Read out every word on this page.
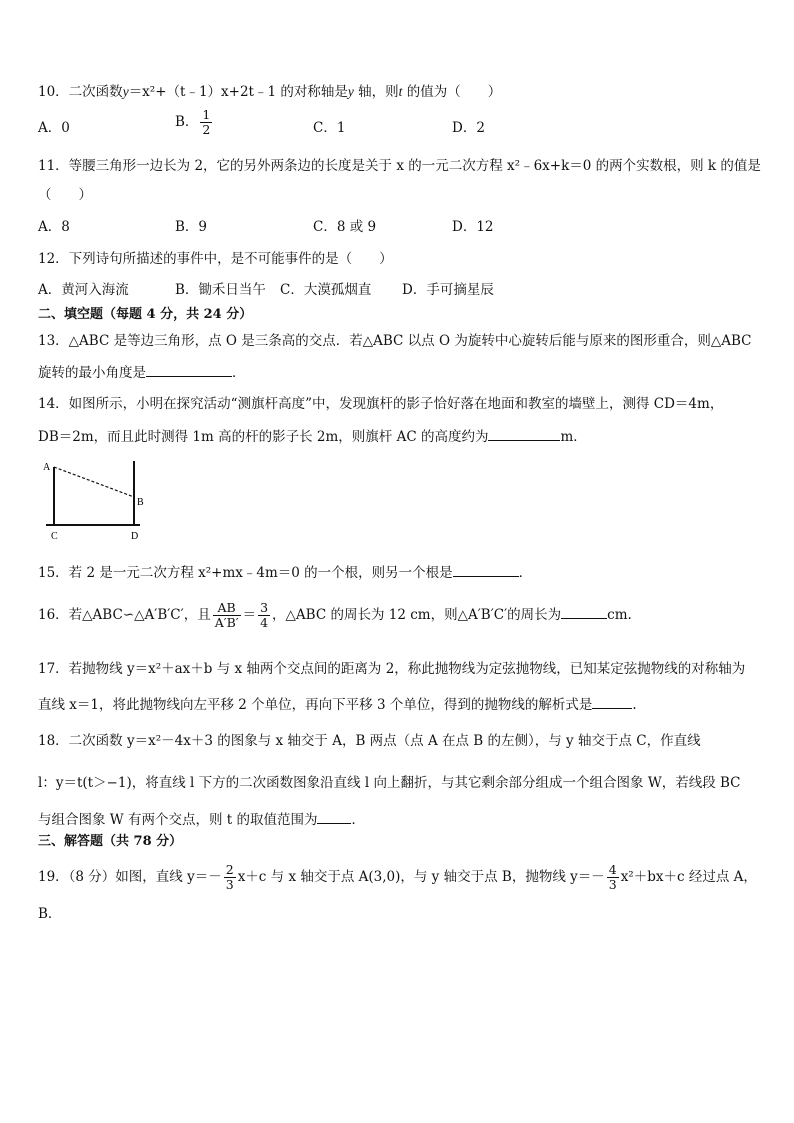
10．二次函数y＝x²+（t﹣1）x+2t﹣1 的对称轴是y 轴，则t 的值为（　　）
A．0	B． $\frac{1}{2}$	C．1	D．2
11．等腰三角形一边长为 2，它的另外两条边的长度是关于 x 的一元二次方程 x²﹣6x+k＝0 的两个实数根，则 k 的值是
（　　）
A．8	B．9	C．8 或 9	D．12
12．下列诗句所描述的事件中，是不可能事件的是（　　）
A．黄河入海流	B．锄禾日当午 C．大漠孤烟直 D．手可摘星辰
二、填空题（每题 4 分，共 24 分）
13．△ABC 是等边三角形，点 O 是三条高的交点．若△ABC 以点 O 为旋转中心旋转后能与原来的图形重合，则△ABC
旋转的最小角度是	．
14．如图所示，小明在探究活动“测旗杆高度”中，发现旗杆的影子恰好落在地面和教室的墙壁上，测得 CD＝4m，
DB＝2m，而且此时测得 1m 高的杆的影子长 2m，则旗杆 AC 的高度约为	m．
A
B
C	D
15．若 2 是一元二次方程 x²+mx﹣4m＝0 的一个根，则另一个根是	．
16．若△ABC∽△A′B′C′，且 $\frac{AB}{A'B'} = \frac{3}{4}$ ，△ABC 的周长为 12 cm，则△A′B′C′的周长为	cm.
17．若抛物线 y＝x²＋ax＋b 与 x 轴两个交点间的距离为 2，称此抛物线为定弦抛物线，已知某定弦抛物线的对称轴为
直线 x＝1，将此抛物线向左平移 2 个单位，再向下平移 3 个单位，得到的抛物线的解析式是	.
18．二次函数 y＝x²－4x＋3 的图象与 x 轴交于 A，B 两点（点 A 在点 B 的左侧），与 y 轴交于点 C，作直线
l：y＝t(t＞−1)，将直线 l 下方的二次函数图象沿直线 l 向上翻折，与其它剩余部分组成一个组合图象 W，若线段 BC
与组合图象 W 有两个交点，则 t 的取值范围为	．
三、解答题（共 78 分）
19．（8 分）如图，直线 $y=- \frac{2}{3} x+c$ 与 x 轴交于点 A(3,0)，与 y 轴交于点 B，抛物线 $y=- \frac{4}{3} x^2+bx+c$ 经过点 A，
B．
